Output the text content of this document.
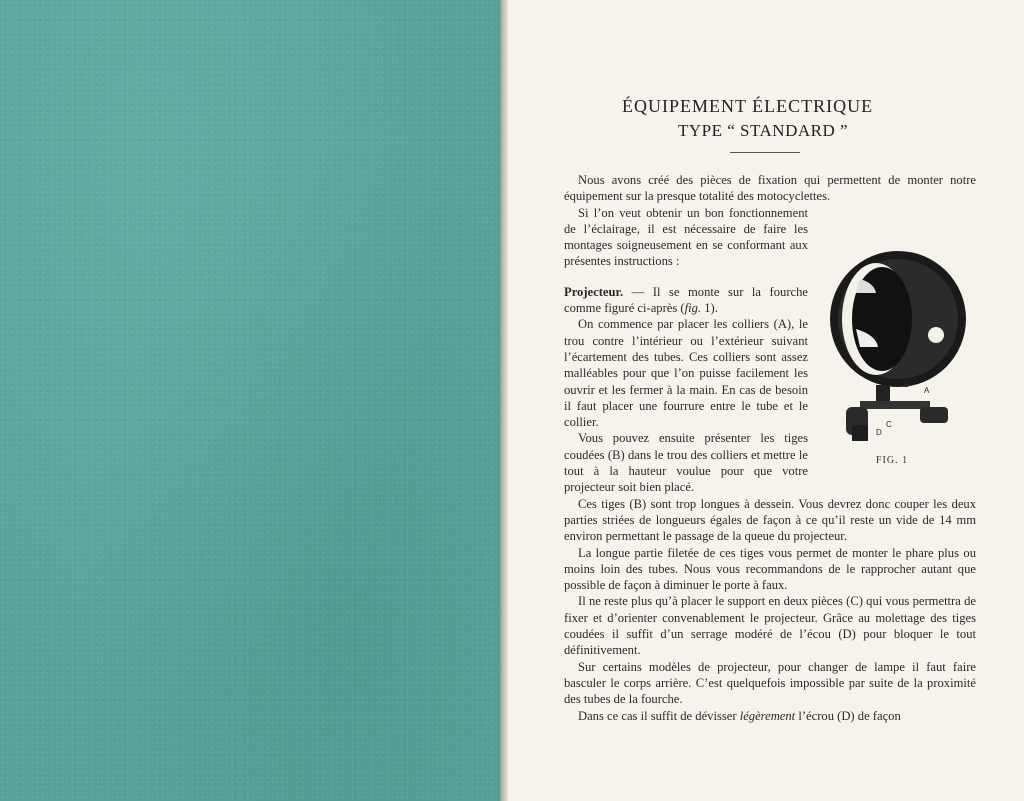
ÉQUIPEMENT ÉLECTRIQUE
TYPE “ STANDARD ”

Nous avons créé des pièces de fixation qui permettent de monter notre équipement sur la presque totalité des motocyclettes.

A
B
C
D
FIG. 1

Si l’on veut obtenir un bon fonctionnement de l’éclairage, il est nécessaire de faire les montages soigneusement en se conformant aux présentes instructions :

Projecteur. — Il se monte sur la fourche comme figuré ci-après (fig. 1).

On commence par placer les colliers (A), le trou contre l’intérieur ou l’extérieur suivant l’écartement des tubes. Ces colliers sont assez malléables pour que l’on puisse facilement les ouvrir et les fermer à la main. En cas de besoin il faut placer une fourrure entre le tube et le collier.

Vous pouvez ensuite présenter les tiges coudées (B) dans le trou des colliers et mettre le tout à la hauteur voulue pour que votre projecteur soit bien placé.

Ces tiges (B) sont trop longues à dessein. Vous devrez donc couper les deux parties striées de longueurs égales de façon à ce qu’il reste un vide de 14 mm environ permettant le passage de la queue du projecteur.

La longue partie filetée de ces tiges vous permet de monter le phare plus ou moins loin des tubes. Nous vous recommandons de le rapprocher autant que possible de façon à diminuer le porte à faux.

Il ne reste plus qu’à placer le support en deux pièces (C) qui vous permettra de fixer et d’orienter convenablement le projecteur. Grâce au molettage des tiges coudées il suffit d’un serrage modéré de l’écou (D) pour bloquer le tout définitivement.

Sur certains modèles de projecteur, pour changer de lampe il faut faire basculer le corps arrière. C’est quelquefois impossible par suite de la proximité des tubes de la fourche.

Dans ce cas il suffit de dévisser légèrement l’écrou (D) de façon
